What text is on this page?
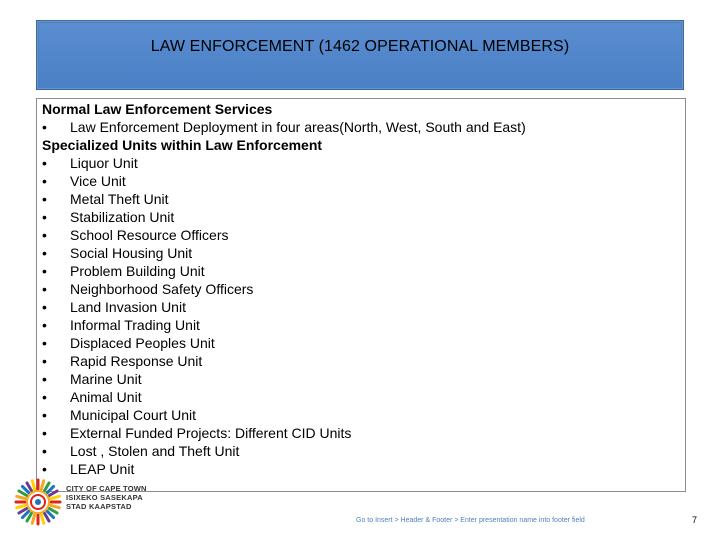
LAW ENFORCEMENT (1462 OPERATIONAL MEMBERS)
Normal Law Enforcement Services
•	Law Enforcement Deployment in four areas(North, West, South and East)
Specialized Units within Law Enforcement
•	Liquor Unit
•	Vice Unit
•	Metal Theft Unit
•	Stabilization Unit
•	School Resource Officers
•	Social Housing Unit
•	Problem Building Unit
•	Neighborhood Safety Officers
•	Land Invasion Unit
•	Informal Trading Unit
•	Displaced Peoples Unit
•	Rapid Response Unit
•	Marine Unit
•	Animal Unit
•	Municipal Court Unit
•	External Funded Projects: Different CID Units
•	Lost , Stolen and Theft Unit
•	LEAP Unit
CITY OF CAPE TOWN
ISIXEKO SASEKAPA
STAD KAAPSTAD
Go to Insert > Header & Footer > Enter presentation name into footer field	7
